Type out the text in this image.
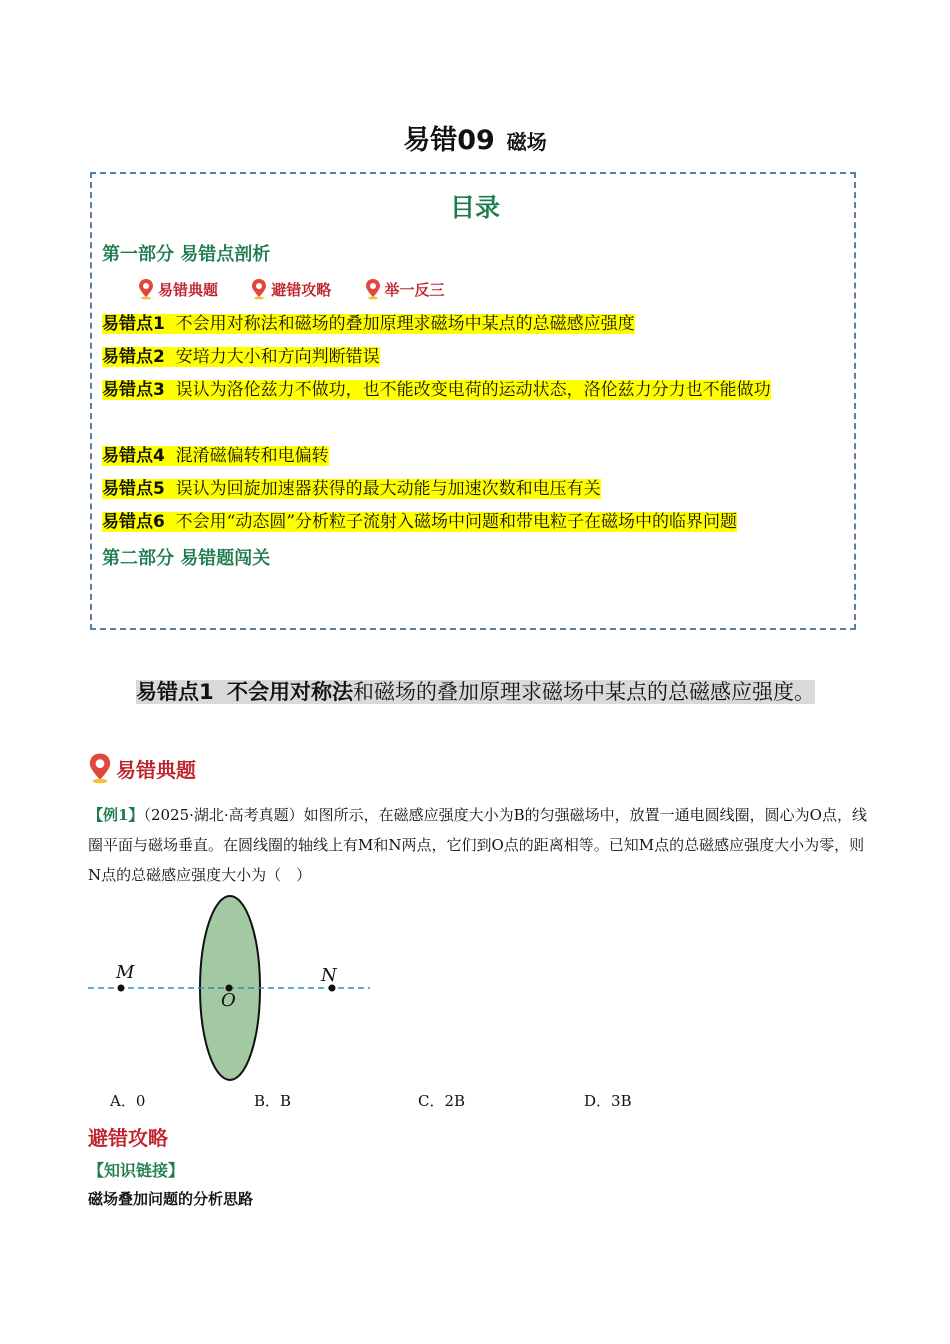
易错09 磁场
目录
第一部分 易错点剖析
易错典题
	避错攻略
	举一反三
易错点1 不会用对称法和磁场的叠加原理求磁场中某点的总磁感应强度
易错点2 安培力大小和方向判断错误
易错点3 误认为洛伦兹力不做功，也不能改变电荷的运动状态，洛伦兹力分力也不能做功
易错点4 混淆磁偏转和电偏转
易错点5 误认为回旋加速器获得的最大动能与加速次数和电压有关
易错点6 不会用“动态圆”分析粒子流射入磁场中问题和带电粒子在磁场中的临界问题
第二部分 易错题闯关
易错点1 不会用对称法和磁场的叠加原理求磁场中某点的总磁感应强度。
易错典题
【例1】（2025·湖北·高考真题）如图所示，在磁感应强度大小为B的匀强磁场中，放置一通电圆线圈，圆心为O点，线圈平面与磁场垂直。在圆线圈的轴线上有M和N两点，它们到O点的距离相等。已知M点的总磁感应强度大小为零，则N点的总磁感应强度大小为（　）
M	N
O
A．0	B．B	C．2B	D．3B
避错攻略
【知识链接】
磁场叠加问题的分析思路
